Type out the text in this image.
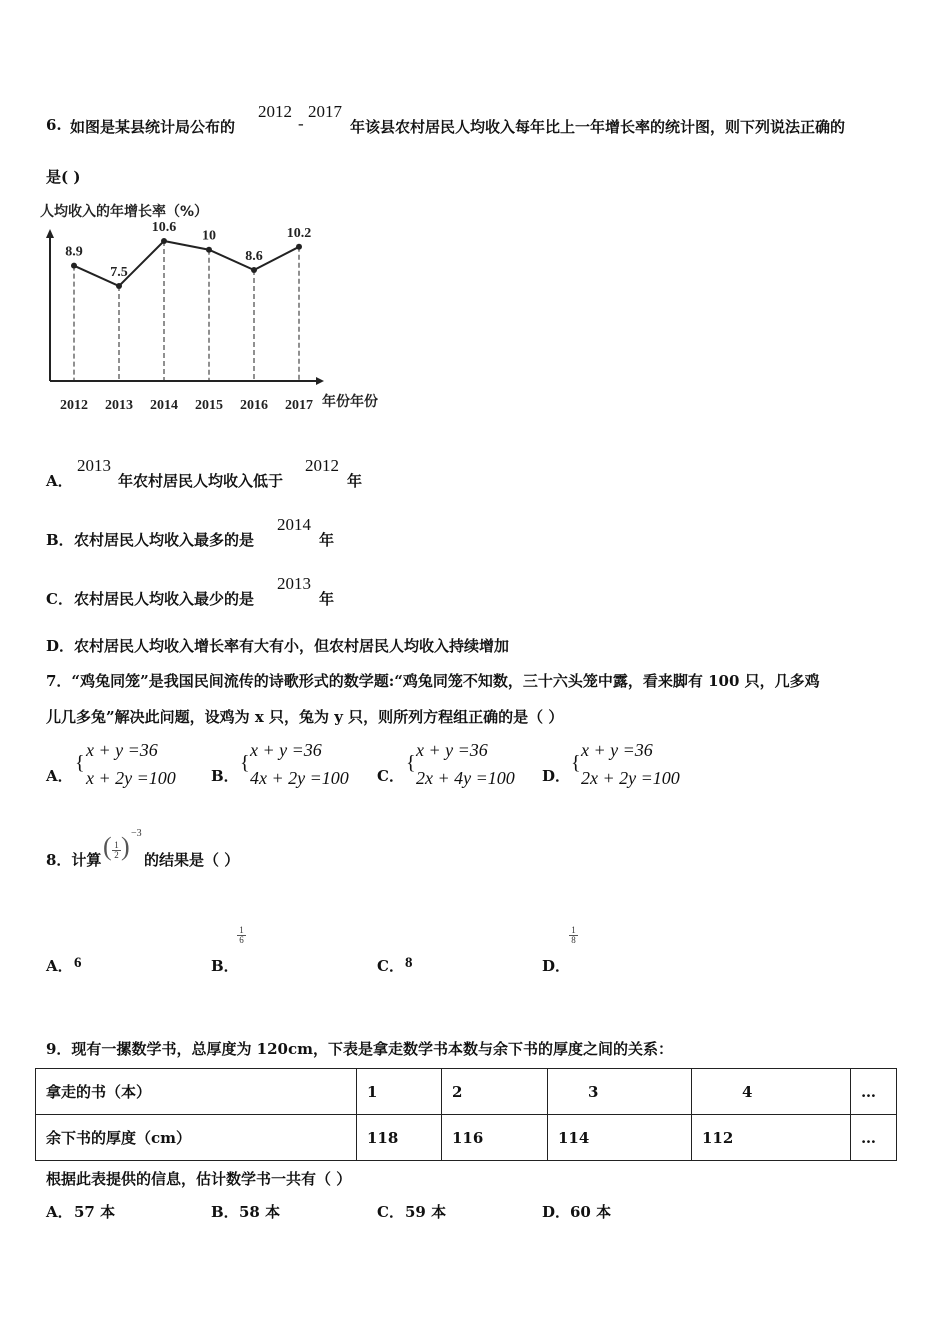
6. 如图是某县统计局公布的
2012
-
2017
年该县农村居民人均收入每年比上一年增长率的统计图，则下列说法正确的
是( )
人均收入的年增长率（%）
8.9
2012
7.5
2013
10.6
2014
10
2015
8.6
2016
10.2
2017 年份年份
A．
2013
年农村居民人均收入低于
2012
年
B． 农村居民人均收入最多的是
2014
年
C． 农村居民人均收入最少的是
2013
年
D． 农村居民人均收入增长率有大有小，但农村居民人均收入持续增加
7．“鸡兔同笼”是我国民间流传的诗歌形式的数学题:“鸡兔同笼不知数，三十六头笼中露，看来脚有 100 只，几多鸡
儿几多兔”解决此问题，设鸡为 x 只，兔为 y 只，则所列方程组正确的是（ ）
A．
{
x + y =36
x + 2y =100 B．
{
x + y =36
4x + 2y =100 C．
{
x + y =36
2x + 4y =100 D．
{
x + y =36
2x + 2y =100
8．计算 ( $\frac{1}{2}$ ) −3
的结果是（ ）
A． 6	B．
$\frac{1}{6}$
C． 8	D．
$\frac{1}{8}$
9．现有一摞数学书，总厚度为 120cm，下表是拿走数学书本数与余下书的厚度之间的关系：
拿走的书（本）	1	2	3	4	…
余下书的厚度（cm）	118	116	114	112	…
根据此表提供的信息，估计数学书一共有（ ）
A． 57 本	B． 58 本	C． 59 本	D． 60 本
